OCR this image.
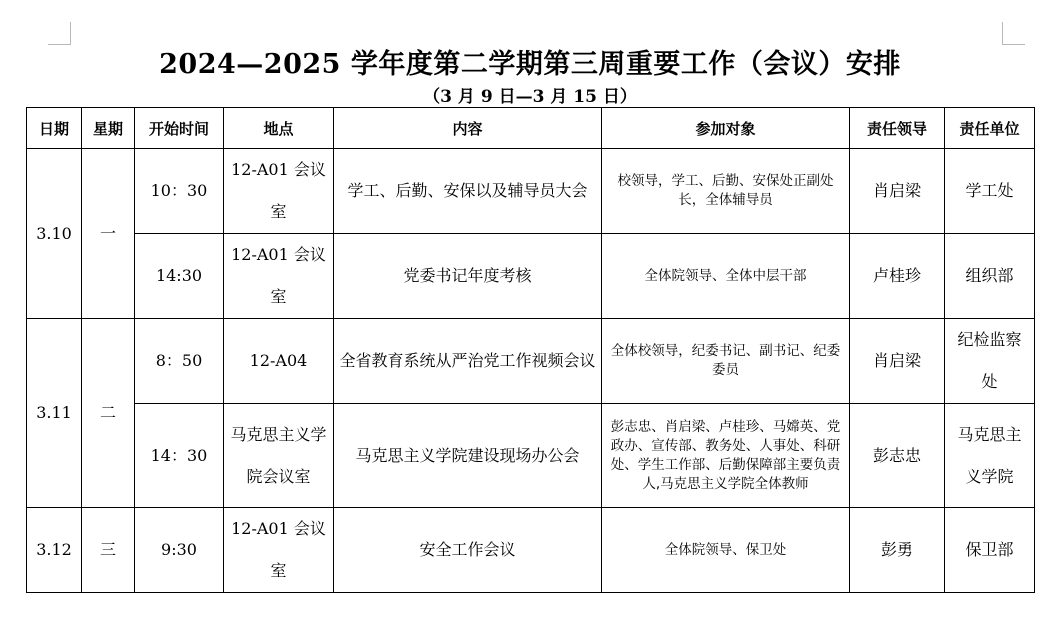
2024—2025 学年度第二学期第三周重要工作（会议）安排
（3 月 9 日—3 月 15 日）
日期	星期	开始时间	地点	内容	参加对象	责任领导	责任单位
3.10	一	10：30	12-A01 会议室	学工、后勤、安保以及辅导员大会	校领导，学工、后勤、安保处正副处长，全体辅导员	肖启梁	学工处
		14:30	12-A01 会议室	党委书记年度考核	全体院领导、全体中层干部	卢桂珍	组织部
3.11	二	8：50	12-A04	全省教育系统从严治党工作视频会议	全体校领导，纪委书记、副书记、纪委委员	肖启梁	纪检监察处
		14：30	马克思主义学院会议室	马克思主义学院建设现场办公会	彭志忠、肖启梁、卢桂珍、马嫦英、党政办、宣传部、教务处、人事处、科研处、学生工作部、后勤保障部主要负责人,马克思主义学院全体教师	彭志忠	马克思主义学院
3.12	三	9:30	12-A01 会议室	安全工作会议	全体院领导、保卫处	彭勇	保卫部
